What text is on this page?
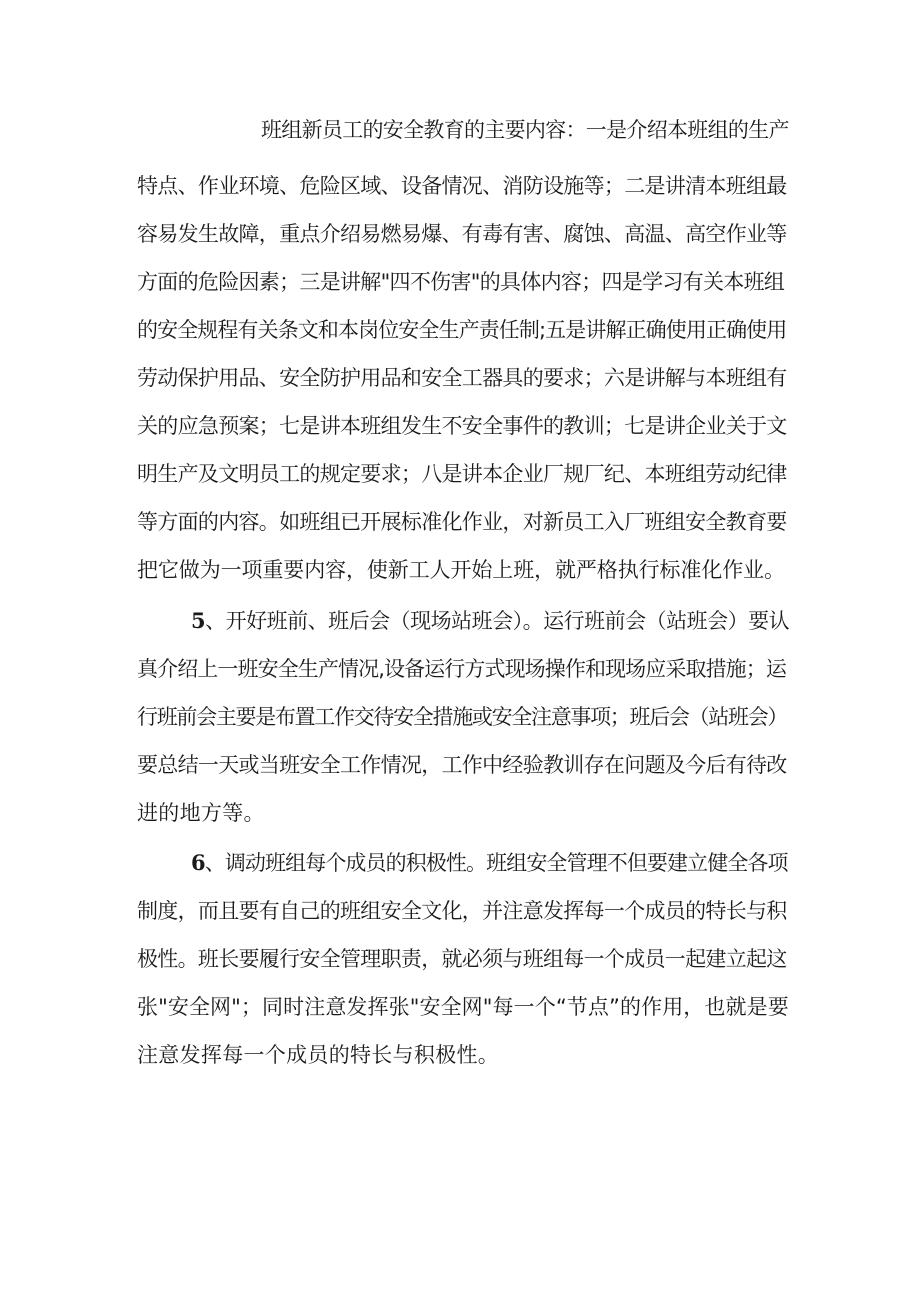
班组新员工的安全教育的主要内容：一是介绍本班组的生产
特点、作业环境、危险区域、设备情况、消防设施等；二是讲清本班组最
容易发生故障，重点介绍易燃易爆、有毒有害、腐蚀、高温、高空作业等
方面的危险因素；三是讲解"四不伤害"的具体内容；四是学习有关本班组
的安全规程有关条文和本岗位安全生产责任制;五是讲解正确使用正确使用
劳动保护用品、安全防护用品和安全工器具的要求；六是讲解与本班组有
关的应急预案；七是讲本班组发生不安全事件的教训；七是讲企业关于文
明生产及文明员工的规定要求；八是讲本企业厂规厂纪、本班组劳动纪律
等方面的内容。如班组已开展标准化作业，对新员工入厂班组安全教育要
把它做为一项重要内容，使新工人开始上班，就严格执行标准化作业。
5、开好班前、班后会（现场站班会）。运行班前会（站班会）要认
真介绍上一班安全生产情况,设备运行方式现场操作和现场应采取措施；运
行班前会主要是布置工作交待安全措施或安全注意事项；班后会（站班会）
要总结一天或当班安全工作情况，工作中经验教训存在问题及今后有待改
进的地方等。
6、调动班组每个成员的积极性。班组安全管理不但要建立健全各项
制度，而且要有自己的班组安全文化，并注意发挥每一个成员的特长与积
极性。班长要履行安全管理职责，就必须与班组每一个成员一起建立起这
张"安全网"；同时注意发挥张"安全网"每一个“节点”的作用，也就是要
注意发挥每一个成员的特长与积极性。
